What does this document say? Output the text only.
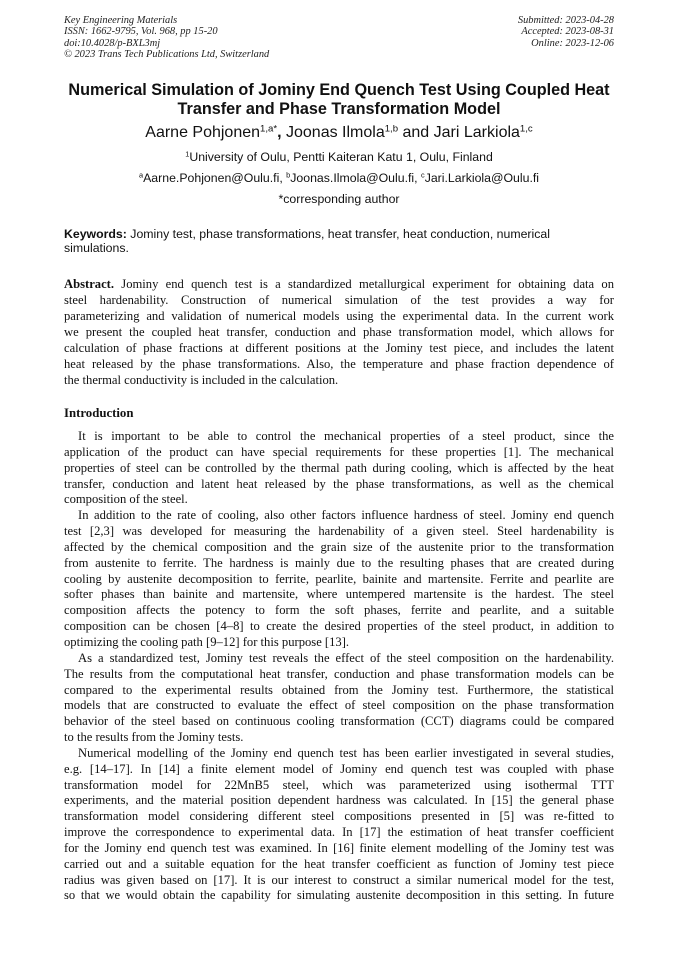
Key Engineering Materials
ISSN: 1662-9795, Vol. 968, pp 15-20
doi:10.4028/p-BXL3mj
© 2023 Trans Tech Publications Ltd, Switzerland
Submitted: 2023-04-28
Accepted: 2023-08-31
Online: 2023-12-06
Numerical Simulation of Jominy End Quench Test Using Coupled Heat
Transfer and Phase Transformation Model
Aarne Pohjonen$^{1,a*}$, Joonas Ilmola$^{1,b}$ and Jari Larkiola$^{1,c}$
$^1$University of Oulu, Pentti Kaiteran Katu 1, Oulu, Finland
$^a$Aarne.Pohjonen@Oulu.fi, $^b$Joonas.Ilmola@Oulu.fi, $^c$Jari.Larkiola@Oulu.fi
*corresponding author
Keywords: Jominy test, phase transformations, heat transfer, heat conduction, numerical simulations.
Abstract. Jominy end quench test is a standardized metallurgical experiment for obtaining data on
steel hardenability. Construction of numerical simulation of the test provides a way for
parameterizing and validation of numerical models using the experimental data. In the current work
we present the coupled heat transfer, conduction and phase transformation model, which allows for
calculation of phase fractions at different positions at the Jominy test piece, and includes the latent
heat released by the phase transformations. Also, the temperature and phase fraction dependence of
the thermal conductivity is included in the calculation.
Introduction
It is important to be able to control the mechanical properties of a steel product, since the
application of the product can have special requirements for these properties [1]. The mechanical
properties of steel can be controlled by the thermal path during cooling, which is affected by the heat
transfer, conduction and latent heat released by the phase transformations, as well as the chemical
composition of the steel.
In addition to the rate of cooling, also other factors influence hardness of steel. Jominy end quench
test [2,3] was developed for measuring the hardenability of a given steel. Steel hardenability is
affected by the chemical composition and the grain size of the austenite prior to the transformation
from austenite to ferrite. The hardness is mainly due to the resulting phases that are created during
cooling by austenite decomposition to ferrite, pearlite, bainite and martensite. Ferrite and pearlite are
softer phases than bainite and martensite, where untempered martensite is the hardest. The steel
composition affects the potency to form the soft phases, ferrite and pearlite, and a suitable
composition can be chosen [4–8] to create the desired properties of the steel product, in addition to
optimizing the cooling path [9–12] for this purpose [13].
As a standardized test, Jominy test reveals the effect of the steel composition on the hardenability.
The results from the computational heat transfer, conduction and phase transformation models can be
compared to the experimental results obtained from the Jominy test. Furthermore, the statistical
models that are constructed to evaluate the effect of steel composition on the phase transformation
behavior of the steel based on continuous cooling transformation (CCT) diagrams could be compared
to the results from the Jominy tests.
Numerical modelling of the Jominy end quench test has been earlier investigated in several studies,
e.g. [14–17]. In [14] a finite element model of Jominy end quench test was coupled with phase
transformation model for 22MnB5 steel, which was parameterized using isothermal TTT
experiments, and the material position dependent hardness was calculated. In [15] the general phase
transformation model considering different steel compositions presented in [5] was re-fitted to
improve the correspondence to experimental data. In [17] the estimation of heat transfer coefficient
for the Jominy end quench test was examined. In [16] finite element modelling of the Jominy test was
carried out and a suitable equation for the heat transfer coefficient as function of Jominy test piece
radius was given based on [17]. It is our interest to construct a similar numerical model for the test,
so that we would obtain the capability for simulating austenite decomposition in this setting. In future
